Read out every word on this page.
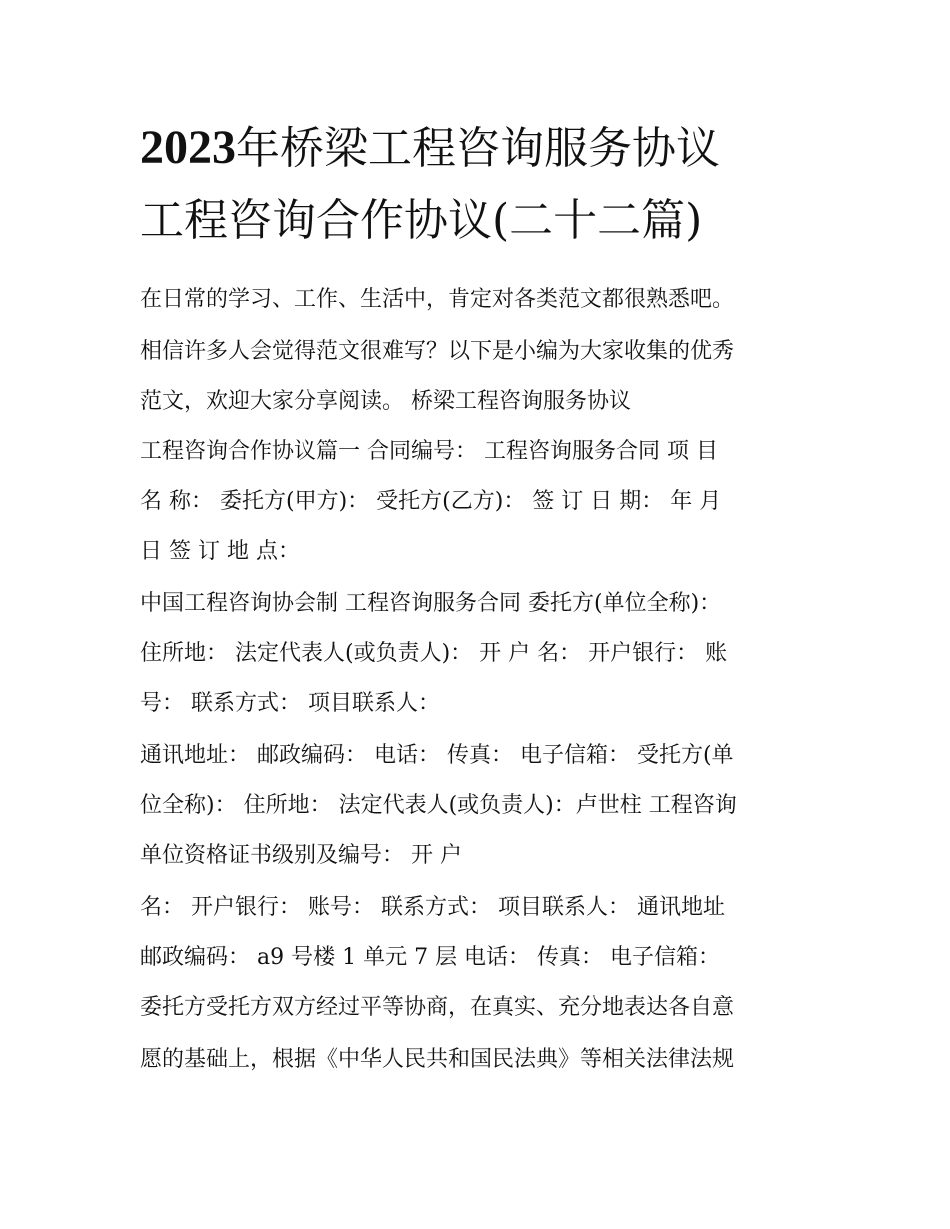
2023年桥梁工程咨询服务协议
工程咨询合作协议(二十二篇)

在日常的学习、工作、生活中，肯定对各类范文都很熟悉吧。

相信许多人会觉得范文很难写？以下是小编为大家收集的优秀

范文，欢迎大家分享阅读。 桥梁工程咨询服务协议

工程咨询合作协议篇一 合同编号： 工程咨询服务合同 项 目

名 称： 委托方(甲方)： 受托方(乙方)： 签 订 日 期： 年 月

日 签 订 地 点：

中国工程咨询协会制 工程咨询服务合同 委托方(单位全称)：

住所地： 法定代表人(或负责人)： 开 户 名： 开户银行： 账

号： 联系方式： 项目联系人：

通讯地址： 邮政编码： 电话： 传真： 电子信箱： 受托方(单

位全称)： 住所地： 法定代表人(或负责人)：卢世柱 工程咨询

单位资格证书级别及编号： 开 户

名： 开户银行： 账号： 联系方式： 项目联系人： 通讯地址

邮政编码： a9 号楼 1 单元 7 层 电话： 传真： 电子信箱：

委托方受托方双方经过平等协商，在真实、充分地表达各自意

愿的基础上，根据《中华人民共和国民法典》等相关法律法规
